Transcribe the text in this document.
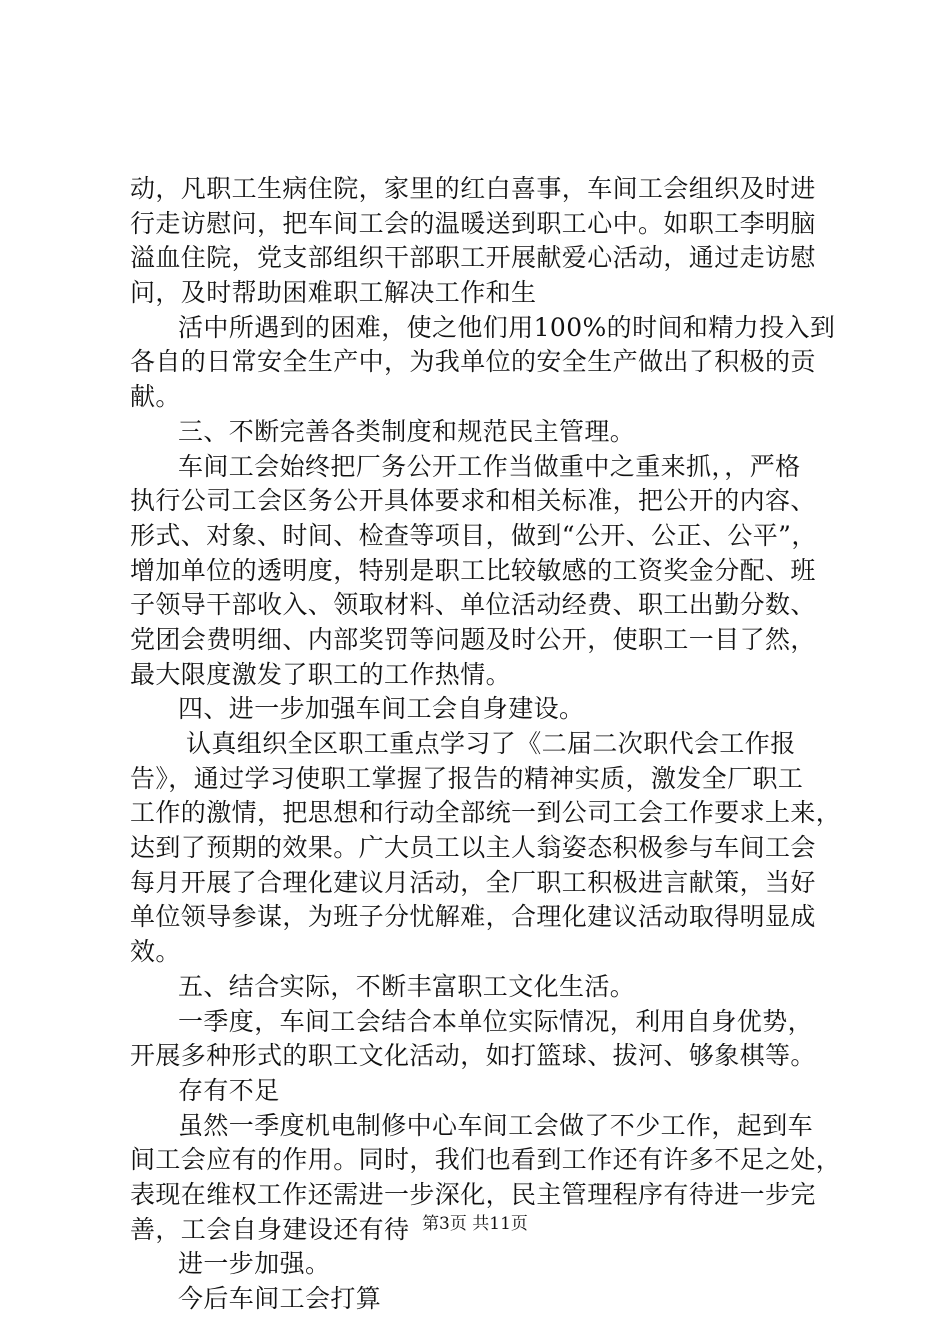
动，凡职工生病住院，家里的红白喜事，车间工会组织及时进
行走访慰问，把车间工会的温暖送到职工心中。如职工李明脑
溢血住院，党支部组织干部职工开展献爱心活动，通过走访慰
问，及时帮助困难职工解决工作和生
活中所遇到的困难，使之他们用100%的时间和精力投入到
各自的日常安全生产中，为我单位的安全生产做出了积极的贡
献。
三、不断完善各类制度和规范民主管理。
车间工会始终把厂务公开工作当做重中之重来抓，，严格
执行公司工会区务公开具体要求和相关标准，把公开的内容、
形式、对象、时间、检查等项目，做到“公开、公正、公平”，
增加单位的透明度，特别是职工比较敏感的工资奖金分配、班
子领导干部收入、领取材料、单位活动经费、职工出勤分数、
党团会费明细、内部奖罚等问题及时公开，使职工一目了然，
最大限度激发了职工的工作热情。
四、进一步加强车间工会自身建设。
认真组织全区职工重点学习了《二届二次职代会工作报
告》，通过学习使职工掌握了报告的精神实质，激发全厂职工
工作的激情，把思想和行动全部统一到公司工会工作要求上来，
达到了预期的效果。广大员工以主人翁姿态积极参与车间工会
每月开展了合理化建议月活动，全厂职工积极进言献策，当好
单位领导参谋，为班子分忧解难，合理化建议活动取得明显成
效。
五、结合实际，不断丰富职工文化生活。
一季度，车间工会结合本单位实际情况，利用自身优势，
开展多种形式的职工文化活动，如打篮球、拔河、够象棋等。
存有不足
虽然一季度机电制修中心车间工会做了不少工作，起到车
间工会应有的作用。同时，我们也看到工作还有许多不足之处，
表现在维权工作还需进一步深化，民主管理程序有待进一步完
善，工会自身建设还有待
进一步加强。
今后车间工会打算
第3页 共11页
